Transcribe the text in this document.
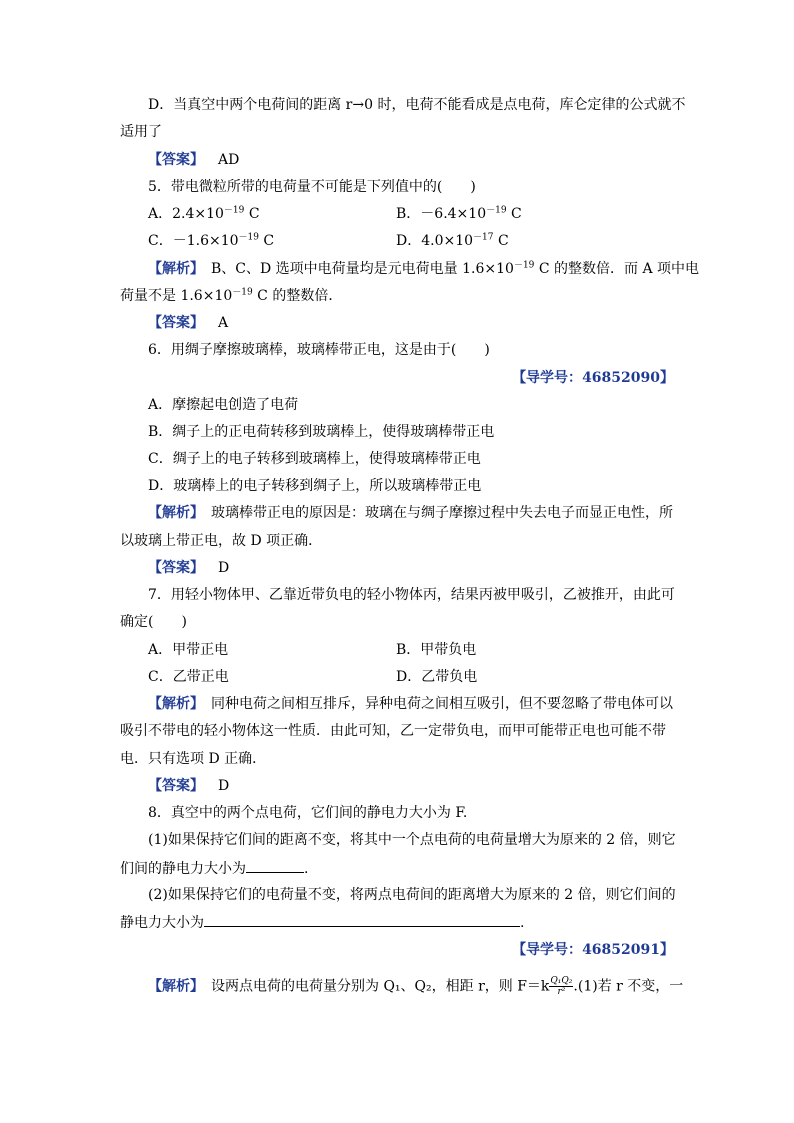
D．当真空中两个电荷间的距离 r→0 时，电荷不能看成是点电荷，库仑定律的公式就不
适用了
【答案】 AD
5．带电微粒所带的电荷量不可能是下列值中的(　　)
A．$2.4\times 10^{-19}$ C	B．$-6.4\times 10^{-19}$ C
C．$-1.6\times 10^{-19}$ C	D．$4.0\times 10^{-17}$ C
【解析】　 B、C、D 选项中电荷量均是元电荷电量 $1.6\times 10^{-19}$ C 的整数倍．而 A 项中电
荷量不是 $1.6\times 10^{-19}$ C 的整数倍．
【答案】 A
6．用绸子摩擦玻璃棒，玻璃棒带正电，这是由于(　　)
【导学号：46852090】
A．摩擦起电创造了电荷
B．绸子上的正电荷转移到玻璃棒上，使得玻璃棒带正电
C．绸子上的电子转移到玻璃棒上，使得玻璃棒带正电
D．玻璃棒上的电子转移到绸子上，所以玻璃棒带正电
【解析】　 玻璃棒带正电的原因是：玻璃在与绸子摩擦过程中失去电子而显正电性，所
以玻璃上带正电，故 D 项正确．
【答案】 D
7．用轻小物体甲、乙靠近带负电的轻小物体丙，结果丙被甲吸引，乙被推开，由此可
确定(　　)
A．甲带正电	B．甲带负电
C．乙带正电	D．乙带负电
【解析】　 同种电荷之间相互排斥，异种电荷之间相互吸引，但不要忽略了带电体可以
吸引不带电的轻小物体这一性质．由此可知，乙一定带负电，而甲可能带正电也可能不带
电．只有选项 D 正确．
【答案】 D
8．真空中的两个点电荷，它们间的静电力大小为 F.
(1)如果保持它们间的距离不变，将其中一个点电荷的电荷量增大为原来的 2 倍，则它
们间的静电力大小为	.
(2)如果保持它们的电荷量不变，将两点电荷间的距离增大为原来的 2 倍，则它们间的
静电力大小为	.
【导学号：46852091】
【解析】　 设两点电荷的电荷量分别为 Q₁、Q₂，相距 r，则 $F=k \frac{\text{Q₁Q₂}}{\text{r²}} .(1)$若 r 不变，一
